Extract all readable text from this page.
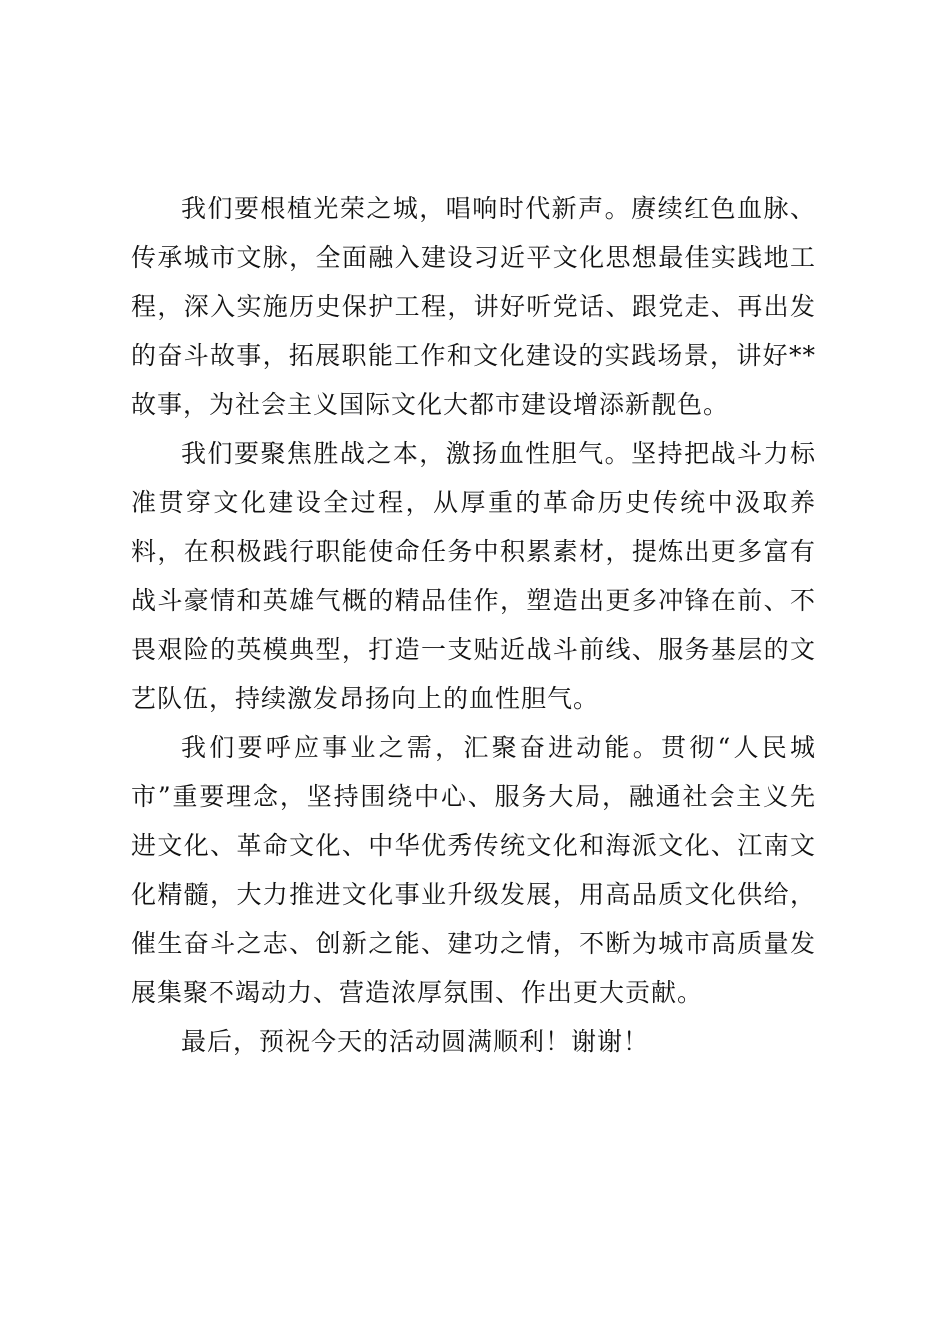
我们要根植光荣之城，唱响时代新声。赓续红色血脉、传承城市文脉，全面融入建设习近平文化思想最佳实践地工程，深入实施历史保护工程，讲好听党话、跟党走、再出发的奋斗故事，拓展职能工作和文化建设的实践场景，讲好**故事，为社会主义国际文化大都市建设增添新靓色。

我们要聚焦胜战之本，激扬血性胆气。坚持把战斗力标准贯穿文化建设全过程，从厚重的革命历史传统中汲取养料，在积极践行职能使命任务中积累素材，提炼出更多富有战斗豪情和英雄气概的精品佳作，塑造出更多冲锋在前、不畏艰险的英模典型，打造一支贴近战斗前线、服务基层的文艺队伍，持续激发昂扬向上的血性胆气。

我们要呼应事业之需，汇聚奋进动能。贯彻“人民城市”重要理念，坚持围绕中心、服务大局，融通社会主义先进文化、革命文化、中华优秀传统文化和海派文化、江南文化精髓，大力推进文化事业升级发展，用高品质文化供给，催生奋斗之志、创新之能、建功之情，不断为城市高质量发展集聚不竭动力、营造浓厚氛围、作出更大贡献。

最后，预祝今天的活动圆满顺利！谢谢！
